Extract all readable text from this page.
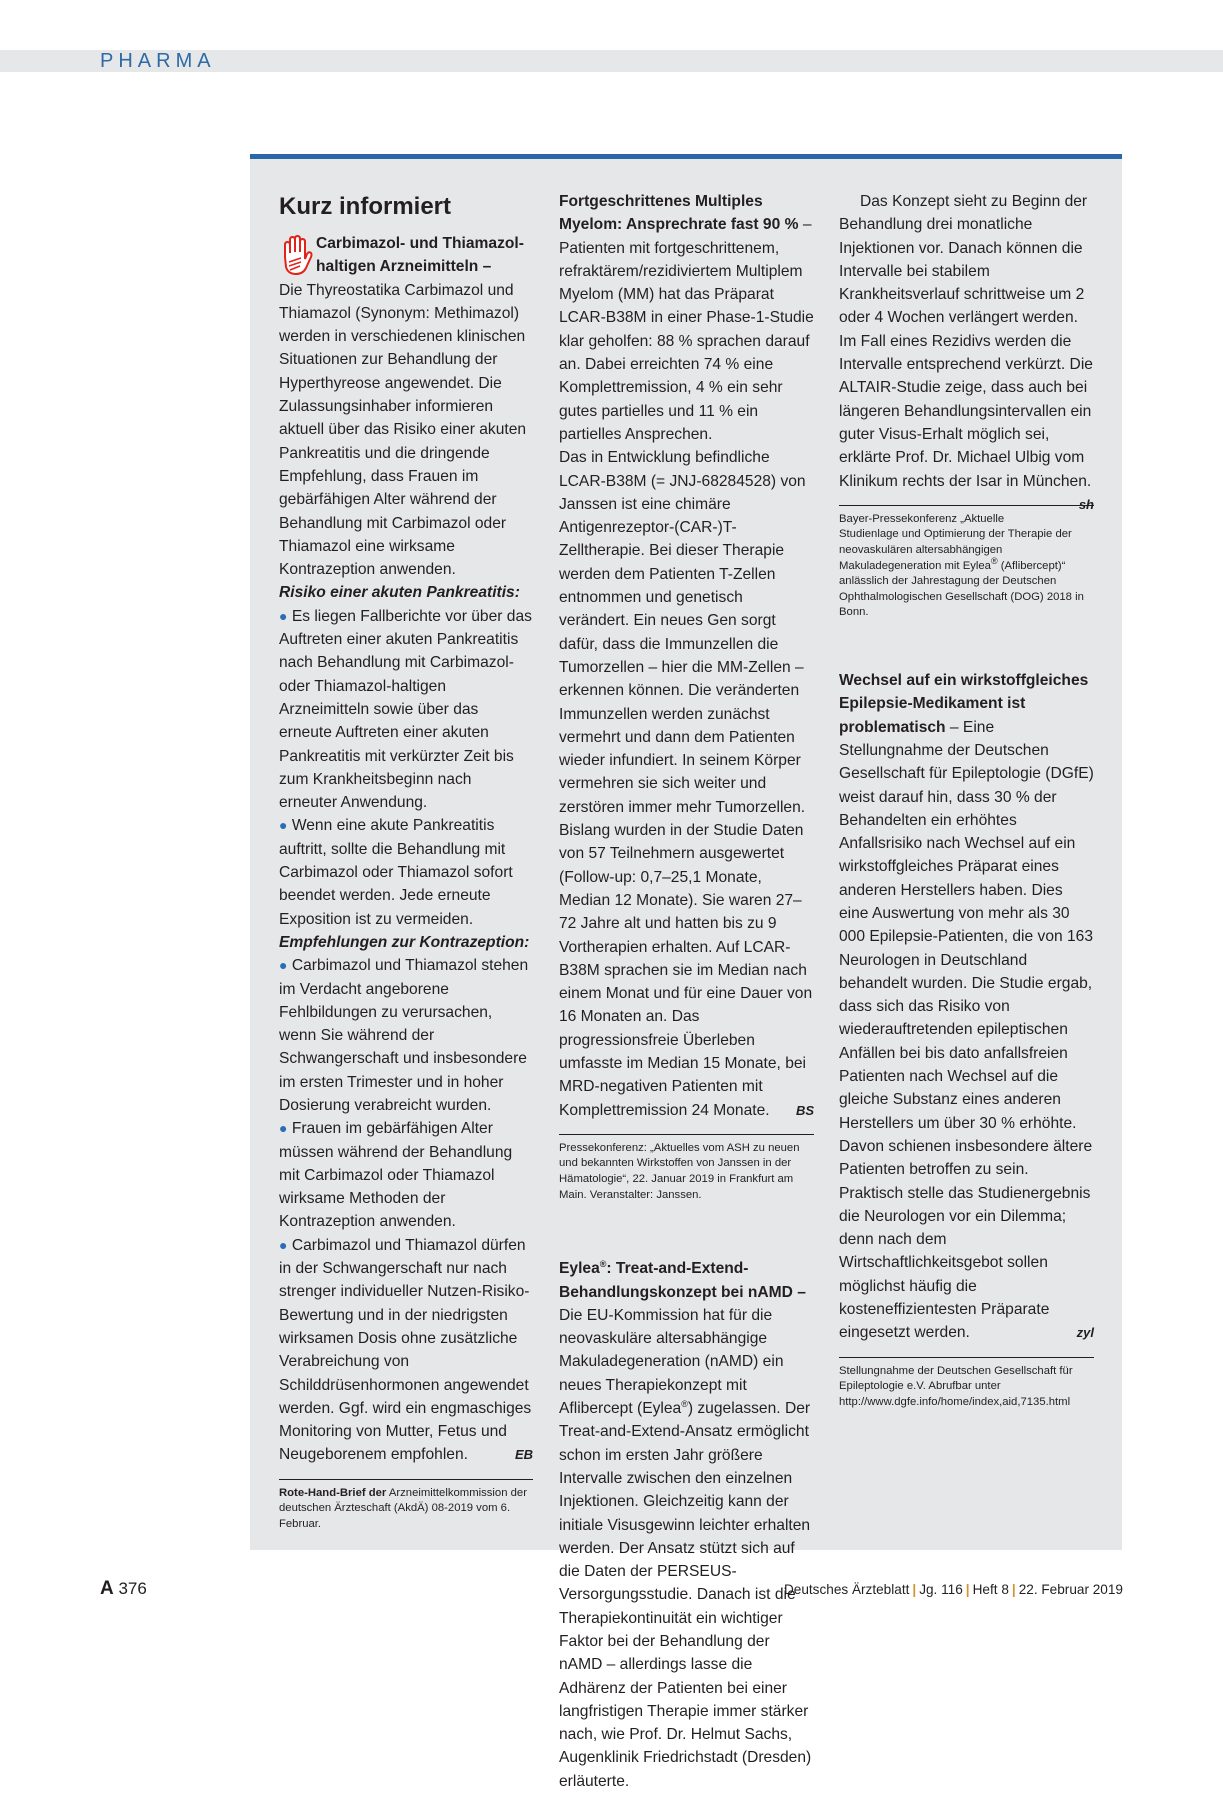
PHARMA
Kurz informiert
Carbimazol- und Thiamazol-haltigen Arzneimitteln –

Die Thyreostatika Carbimazol und Thiamazol (Synonym: Methimazol) werden in verschiedenen klinischen Situationen zur Behandlung der Hyperthyreose angewendet. Die Zulassungsinhaber informieren aktuell über das Risiko einer akuten Pankreatitis und die dringende Empfehlung, dass Frauen im gebärfähigen Alter während der Behandlung mit Carbimazol oder Thiamazol eine wirksame Kontrazeption anwenden.

Risiko einer akuten Pankreatitis:

● Es liegen Fallberichte vor über das Auftreten einer akuten Pankreatitis nach Behandlung mit Carbimazol- oder Thiamazol-haltigen Arzneimitteln sowie über das erneute Auftreten einer akuten Pankreatitis mit verkürzter Zeit bis zum Krankheitsbeginn nach erneuter Anwendung.

● Wenn eine akute Pankreatitis auftritt, sollte die Behandlung mit Carbimazol oder Thiamazol sofort beendet werden. Jede erneute Exposition ist zu vermeiden.

Empfehlungen zur Kontrazeption:

● Carbimazol und Thiamazol stehen im Verdacht angeborene Fehlbildungen zu verursachen, wenn Sie während der Schwangerschaft und insbesondere im ersten Trimester und in hoher Dosierung verabreicht wurden.

● Frauen im gebärfähigen Alter müssen während der Behandlung mit Carbimazol oder Thiamazol wirksame Methoden der Kontrazeption anwenden.

● Carbimazol und Thiamazol dürfen in der Schwangerschaft nur nach strenger individueller Nutzen-Risiko-Bewertung und in der niedrigsten wirksamen Dosis ohne zusätzliche Verabreichung von Schilddrüsenhormonen angewendet werden. Ggf. wird ein engmaschiges Monitoring von Mutter, Fetus und Neugeborenem empfohlen.	EB

Rote-Hand-Brief der Arzneimittelkommission der deutschen Ärzteschaft (AkdÄ) 08-2019 vom 6. Februar.

Fortgeschrittenes Multiples Myelom: Ansprechrate fast 90 % – Patienten mit fortgeschrittenem, refraktärem/rezidiviertem Multiplem Myelom (MM) hat das Präparat LCAR-B38M in einer Phase-1-Studie klar geholfen: 88 % sprachen darauf an. Dabei erreichten 74 % eine Komplettremission, 4 % ein sehr gutes partielles und 11 % ein partielles Ansprechen.

Das in Entwicklung befindliche LCAR-B38M (= JNJ-68284528) von Janssen ist eine chimäre Antigenrezeptor-(CAR-)T-Zelltherapie. Bei dieser Therapie werden dem Patienten T-Zellen entnommen und genetisch verändert. Ein neues Gen sorgt dafür, dass die Immunzellen die Tumorzellen – hier die MM-Zellen – erkennen können. Die veränderten Immunzellen werden zunächst vermehrt und dann dem Patienten wieder infundiert. In seinem Körper vermehren sie sich weiter und zerstören immer mehr Tumorzellen.

Bislang wurden in der Studie Daten von 57 Teilnehmern ausgewertet (Follow-up: 0,7–25,1 Monate, Median 12 Monate). Sie waren 27–72 Jahre alt und hatten bis zu 9 Vortherapien erhalten. Auf LCAR-B38M sprachen sie im Median nach einem Monat und für eine Dauer von 16 Monaten an. Das progressionsfreie Überleben umfasste im Median 15 Monate, bei MRD-negativen Patienten mit Komplettremission 24 Monate. BS

Pressekonferenz: „Aktuelles vom ASH zu neuen und bekannten Wirkstoffen von Janssen in der Hämatologie“, 22. Januar 2019 in Frankfurt am Main. Veranstalter: Janssen.

Eylea®: Treat-and-Extend-Behandlungskonzept bei nAMD – Die EU-Kommission hat für die neovaskuläre altersabhängige Makuladegeneration (nAMD) ein neues Therapiekonzept mit Aflibercept (Eylea®) zugelassen. Der Treat-and-Extend-Ansatz ermöglicht schon im ersten Jahr größere Intervalle zwischen den einzelnen Injektionen. Gleichzeitig kann der initiale Visusgewinn leichter erhalten werden. Der Ansatz stützt sich auf die Daten der PERSEUS-Versorgungsstudie. Danach ist die Therapiekontinuität ein wichtiger Faktor bei der Behandlung der nAMD – allerdings lasse die Adhärenz der Patienten bei einer langfristigen Therapie immer stärker nach, wie Prof. Dr. Helmut Sachs, Augenklinik Friedrichstadt (Dresden) erläuterte.

Das Konzept sieht zu Beginn der Behandlung drei monatliche Injektionen vor. Danach können die Intervalle bei stabilem Krankheitsverlauf schrittweise um 2 oder 4 Wochen verlängert werden. Im Fall eines Rezidivs werden die Intervalle entsprechend verkürzt. Die ALTAIR-Studie zeige, dass auch bei längeren Behandlungsintervallen ein guter Visus-Erhalt möglich sei, erklärte Prof. Dr. Michael Ulbig vom Klinikum rechts der Isar in München.
sh

Bayer-Pressekonferenz „Aktuelle Studienlage und Optimierung der Therapie der neovaskulären altersabhängigen Makuladegeneration mit Eylea® (Aflibercept)“ anlässlich der Jahrestagung der Deutschen Ophthalmologischen Gesellschaft (DOG) 2018 in Bonn.

Wechsel auf ein wirkstoffgleiches Epilepsie-Medikament ist problematisch – Eine Stellungnahme der Deutschen Gesellschaft für Epileptologie (DGfE) weist darauf hin, dass 30 % der Behandelten ein erhöhtes Anfallsrisiko nach Wechsel auf ein wirkstoffgleiches Präparat eines anderen Herstellers haben. Dies eine Auswertung von mehr als 30 000 Epilepsie-Patienten, die von 163 Neurologen in Deutschland behandelt wurden. Die Studie ergab, dass sich das Risiko von wiederauftretenden epileptischen Anfällen bei bis dato anfallsfreien Patienten nach Wechsel auf die gleiche Substanz eines anderen Herstellers um über 30 % erhöhte. Davon schienen insbesondere ältere Patienten betroffen zu sein. Praktisch stelle das Studienergebnis die Neurologen vor ein Dilemma; denn nach dem Wirtschaftlichkeitsgebot sollen möglichst häufig die kosteneffizientesten Präparate eingesetzt werden.	zyl

Stellungnahme der Deutschen Gesellschaft für Epileptologie e.V. Abrufbar unter http://www.dgfe.info/home/index,aid,7135.html
A 376	Deutsches Ärzteblatt | Jg. 116 | Heft 8 | 22. Februar 2019
